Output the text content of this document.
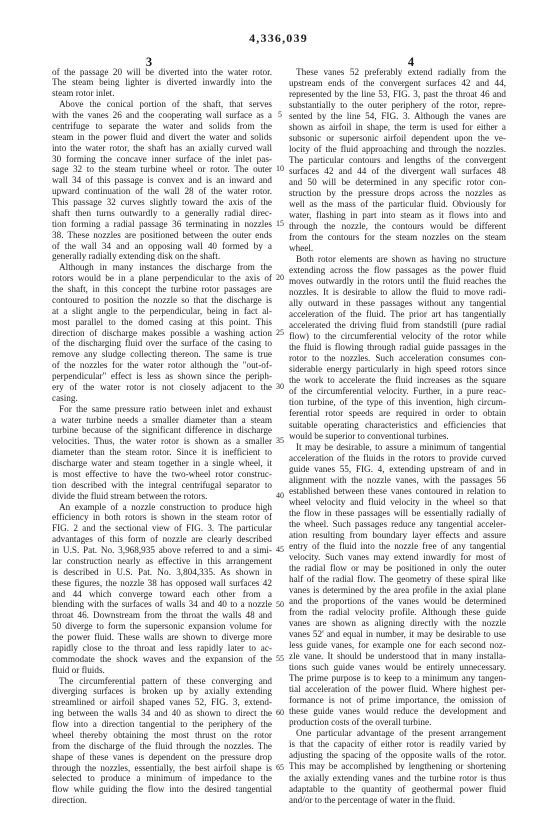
4,336,039
3	4
of the passage 20 will be diverted into the water rotor.
The steam being lighter is diverted inwardly into the
steam rotor inlet.
Above the conical portion of the shaft, that serves
with the vanes 26 and the cooperating wall surface as a
centrifuge to separate the water and solids from the
steam in the power fluid and divert the water and solids
into the water rotor, the shaft has an axially curved wall
30 forming the concave inner surface of the inlet pas-
sage 32 to the steam turbine wheel or rotor. The outer
wall 34 of this passage is convex and is an inward and
upward continuation of the wall 28 of the water rotor.
This passage 32 curves slightly toward the axis of the
shaft then turns outwardly to a generally radial direc-
tion forming a radial passage 36 terminating in nozzles
38. These nozzles are positioned between the outer ends
of the wall 34 and an opposing wall 40 formed by a
generally radially extending disk on the shaft.
Although in many instances the discharge from the
rotors would be in a plane perpendicular to the axis of
the shaft, in this concept the turbine rotor passages are
contoured to position the nozzle so that the discharge is
at a slight angle to the perpendicular, being in fact al-
most parallel to the domed casing at this point. This
direction of discharge makes possible a washing action
of the discharging fluid over the surface of the casing to
remove any sludge collecting thereon. The same is true
of the nozzles for the water rotor although the "out-of-
perpendicular" effect is less as shown since the periph-
ery of the water rotor is not closely adjacent to the
casing.
For the same pressure ratio between inlet and exhaust
a water turbine needs a smaller diameter than a steam
turbine because of the significant difference in discharge
velocities. Thus, the water rotor is shown as a smaller
diameter than the steam rotor. Since it is inefficient to
discharge water and steam together in a single wheel, it
is most effective to have the two-wheel rotor construc-
tion described with the integral centrifugal separator to
divide the fluid stream between the rotors.
An example of a nozzle construction to produce high
efficiency in both rotors is shown in the steam rotor of
FIG. 2 and the sectional view of FIG. 3. The particular
advantages of this form of nozzle are clearly described
in U.S. Pat. No. 3,968,935 above referred to and a simi-
lar construction nearly as effective in this arrangement
is described in U.S. Pat. No. 3,804,335. As shown in
these figures, the nozzle 38 has opposed wall surfaces 42
and 44 which converge toward each other from a
blending with the surfaces of walls 34 and 40 to a nozzle
throat 46. Downstream from the throat the walls 48 and
50 diverge to form the supersonic expansion volume for
the power fluid. These walls are shown to diverge more
rapidly close to the throat and less rapidly later to ac-
commodate the shock waves and the expansion of the
fluid or fluids.
The circumferential pattern of these converging and
diverging surfaces is broken up by axially extending
streamlined or airfoil shaped vanes 52, FIG. 3, extend-
ing between the walls 34 and 40 as shown to direct the
flow into a direction tangential to the periphery of the
wheel thereby obtaining the most thrust on the rotor
from the discharge of the fluid through the nozzles. The
shape of these vanes is dependent on the pressure drop
through the nozzles, essentially, the best airfoil shape is
selected to produce a minimum of impedance to the
flow while guiding the flow into the desired tangential
direction.
5
10
15
20
25
30
35
40
45
50
55
60
65
These vanes 52 preferably extend radially from the
upstream ends of the convergent surfaces 42 and 44,
represented by the line 53, FIG. 3, past the throat 46 and
substantially to the outer periphery of the rotor, repre-
sented by the line 54, FIG. 3. Although the vanes are
shown as airfoil in shape, the term is used for either a
subsonic or supersonic airfoil dependent upon the ve-
locity of the fluid approaching and through the nozzles.
The particular contours and lengths of the convergent
surfaces 42 and 44 of the divergent wall surfaces 48
and 50 will be determined in any specific rotor con-
struction by the pressure drops across the nozzles as
well as the mass of the particular fluid. Obviously for
water, flashing in part into steam as it flows into and
through the nozzle, the contours would be different
from the contours for the steam nozzles on the steam
wheel.
Both rotor elements are shown as having no structure
extending across the flow passages as the power fluid
moves outwardly in the rotors until the fluid reaches the
nozzles. It is desirable to allow the fluid to move radi-
ally outward in these passages without any tangential
acceleration of the fluid. The prior art has tangentially
accelerated the driving fluid from standstill (pure radial
flow) to the circumferential velocity of the rotor while
the fluid is flowing through radial guide passages in the
rotor to the nozzles. Such acceleration consumes con-
siderable energy particularly in high speed rotors since
the work to accelerate the fluid increases as the square
of the circumferential velocity. Further, in a pure reac-
tion turbine, of the type of this invention, high circum-
ferential rotor speeds are required in order to obtain
suitable operating characteristics and efficiencies that
would be superior to conventional turbines.
It may be desirable, to assure a minimum of tangential
acceleration of the fluids in the rotors to provide curved
guide vanes 55, FIG. 4, extending upstream of and in
alignment with the nozzle vanes, with the passages 56
established between these vanes contoured in relation to
wheel velocity and fluid velocity in the wheel so that
the flow in these passages will be essentially radially of
the wheel. Such passages reduce any tangential acceler-
ation resulting from boundary layer effects and assure
entry of the fluid into the nozzle free of any tangential
velocity. Such vanes may extend inwardly for most of
the radial flow or may be positioned in only the outer
half of the radial flow. The geometry of these spiral like
vanes is determined by the area profile in the axial plane
and the proportions of the vanes would be determined
from the radial velocity profile. Although these guide
vanes are shown as aligning directly with the nozzle
vanes 52' and equal in number, it may be desirable to use
less guide vanes, for example one for each second noz-
zle vane. It should be understood that in many installa-
tions such guide vanes would be entirely unnecessary.
The prime purpose is to keep to a minimum any tangen-
tial acceleration of the power fluid. Where highest per-
formance is not of prime importance, the omission of
these guide vanes would reduce the development and
production costs of the overall turbine.
One particular advantage of the present arrangement
is that the capacity of either rotor is readily varied by
adjusting the spacing of the opposite walls of the rotor.
This may be accomplished by lengthening or shortening
the axially extending vanes and the turbine rotor is thus
adaptable to the quantity of geothermal power fluid
and/or to the percentage of water in the fluid.
